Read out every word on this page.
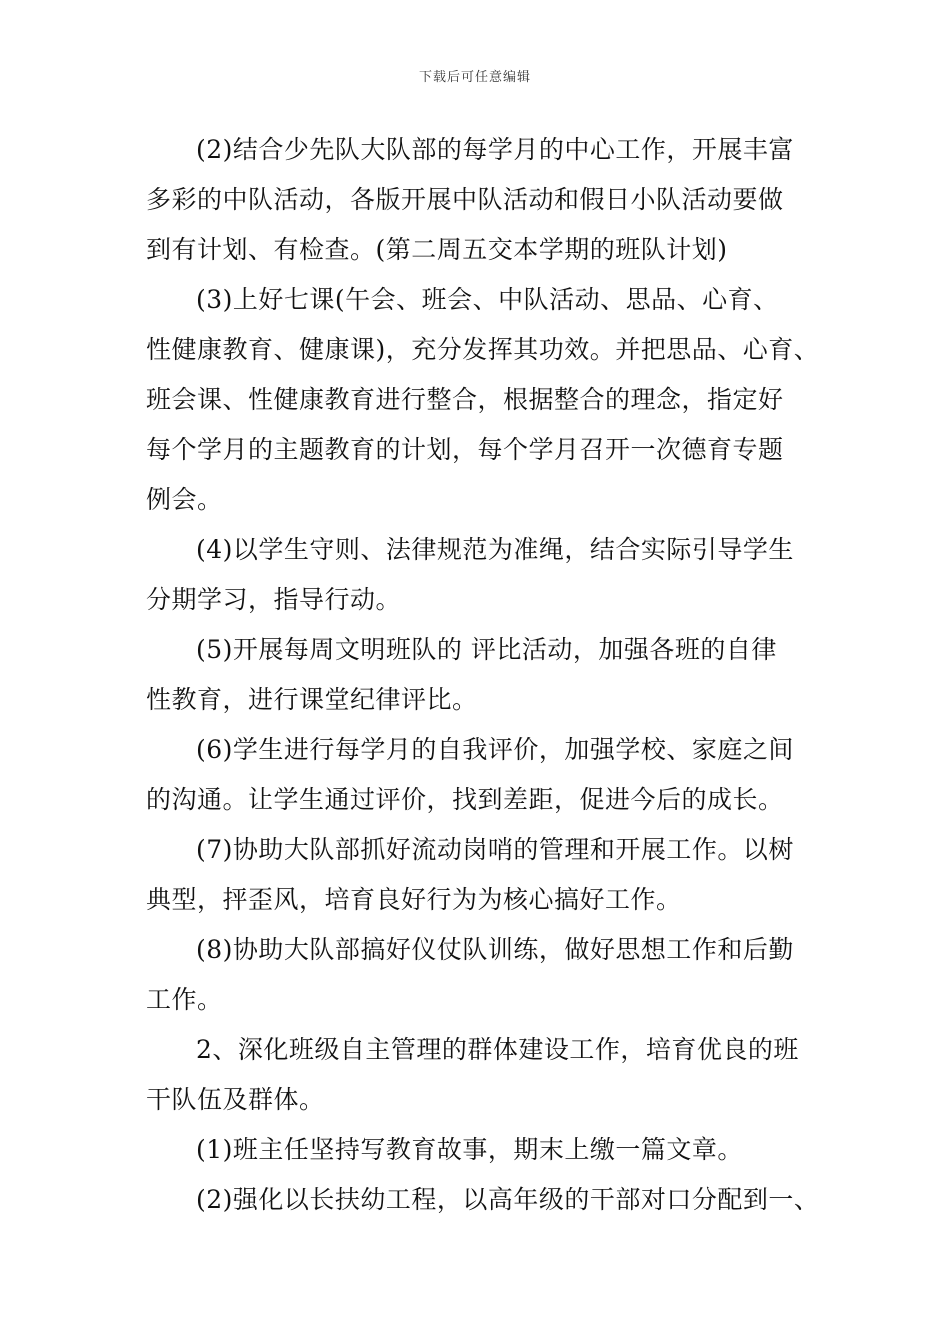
下载后可任意编辑
(2)结合少先队大队部的每学月的中心工作，开展丰富
多彩的中队活动，各版开展中队活动和假日小队活动要做
到有计划、有检查。(第二周五交本学期的班队计划)
(3)上好七课(午会、班会、中队活动、思品、心育、
性健康教育、健康课)，充分发挥其功效。并把思品、心育、
班会课、性健康教育进行整合，根据整合的理念，指定好
每个学月的主题教育的计划，每个学月召开一次德育专题
例会。
(4)以学生守则、法律规范为准绳，结合实际引导学生
分期学习，指导行动。
(5)开展每周文明班队的 评比活动，加强各班的自律
性教育，进行课堂纪律评比。
(6)学生进行每学月的自我评价，加强学校、家庭之间
的沟通。让学生通过评价，找到差距，促进今后的成长。
(7)协助大队部抓好流动岗哨的管理和开展工作。以树
典型，抨歪风，培育良好行为为核心搞好工作。
(8)协助大队部搞好仪仗队训练，做好思想工作和后勤
工作。
2、深化班级自主管理的群体建设工作，培育优良的班
干队伍及群体。
(1)班主任坚持写教育故事，期末上缴一篇文章。
(2)强化以长扶幼工程，以高年级的干部对口分配到一、
